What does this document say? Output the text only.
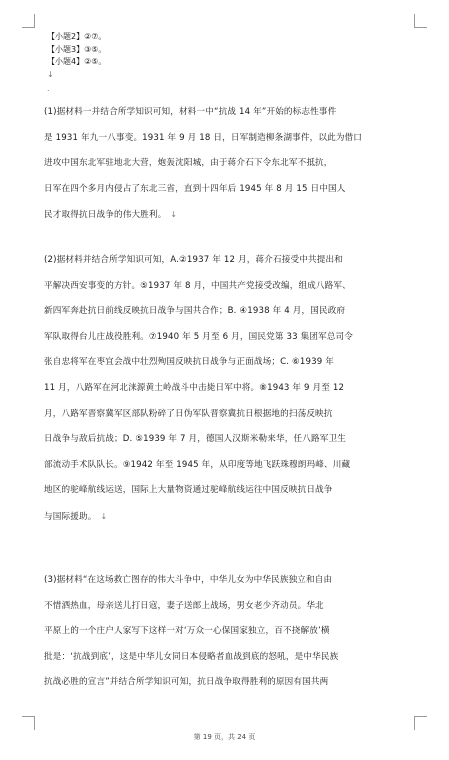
【小题2】②⑦。
【小题3】③⑤。
【小题4】②⑤。
↓
.
(1)据材料一并结合所学知识可知，材料一中“抗战 14 年”开始的标志性事件
是 1931 年九一八事变。1931 年 9 月 18 日，日军制造柳条湖事件，以此为借口
进攻中国东北军驻地北大营，炮轰沈阳城，由于蒋介石下令东北军不抵抗，
日军在四个多月内侵占了东北三省，直到十四年后 1945 年 8 月 15 日中国人
民才取得抗日战争的伟大胜利。 ↓
(2)据材料并结合所学知识可知，A.②1937 年 12 月，蒋介石接受中共提出和
平解决西安事变的方针。⑤1937 年 8 月，中国共产党接受改编，组成八路军、
新四军奔赴抗日前线反映抗日战争与国共合作；B. ④1938 年 4 月，国民政府
军队取得台儿庄战役胜利。⑦1940 年 5 月至 6 月，国民党第 33 集团军总司令
张自忠将军在枣宜会战中壮烈殉国反映抗日战争与正面战场；C. ⑥1939 年
11 月，八路军在河北涞源黄土岭战斗中击毙日军中将。⑧1943 年 9 月至 12
月，八路军晋察冀军区部队粉碎了日伪军队晋察冀抗日根据地的扫荡反映抗
日战争与敌后抗战；D. ⑤1939 年 7 月，德国人汉斯米勒来华，任八路军卫生
部流动手术队队长。⑨1942 年至 1945 年，从印度等地飞跃珠穆朗玛峰、川藏
地区的驼峰航线运送，国际上大量物资通过驼峰航线运往中国反映抗日战争
与国际援助。 ↓
(3)据材料“在这场救亡图存的伟大斗争中，中华儿女为中华民族独立和自由
不惜洒热血，母亲送儿打日寇，妻子送郎上战场，男女老少齐动员。华北
平原上的一个庄户人家写下这样一对‘万众一心保国家独立，百不挠解放’横
批是：‘抗战到底’，这是中华儿女同日本侵略者血战到底的怒吼，是中华民族
抗战必胜的宣言”并结合所学知识可知，抗日战争取得胜利的原因有国共两
第 19 页，共 24 页
